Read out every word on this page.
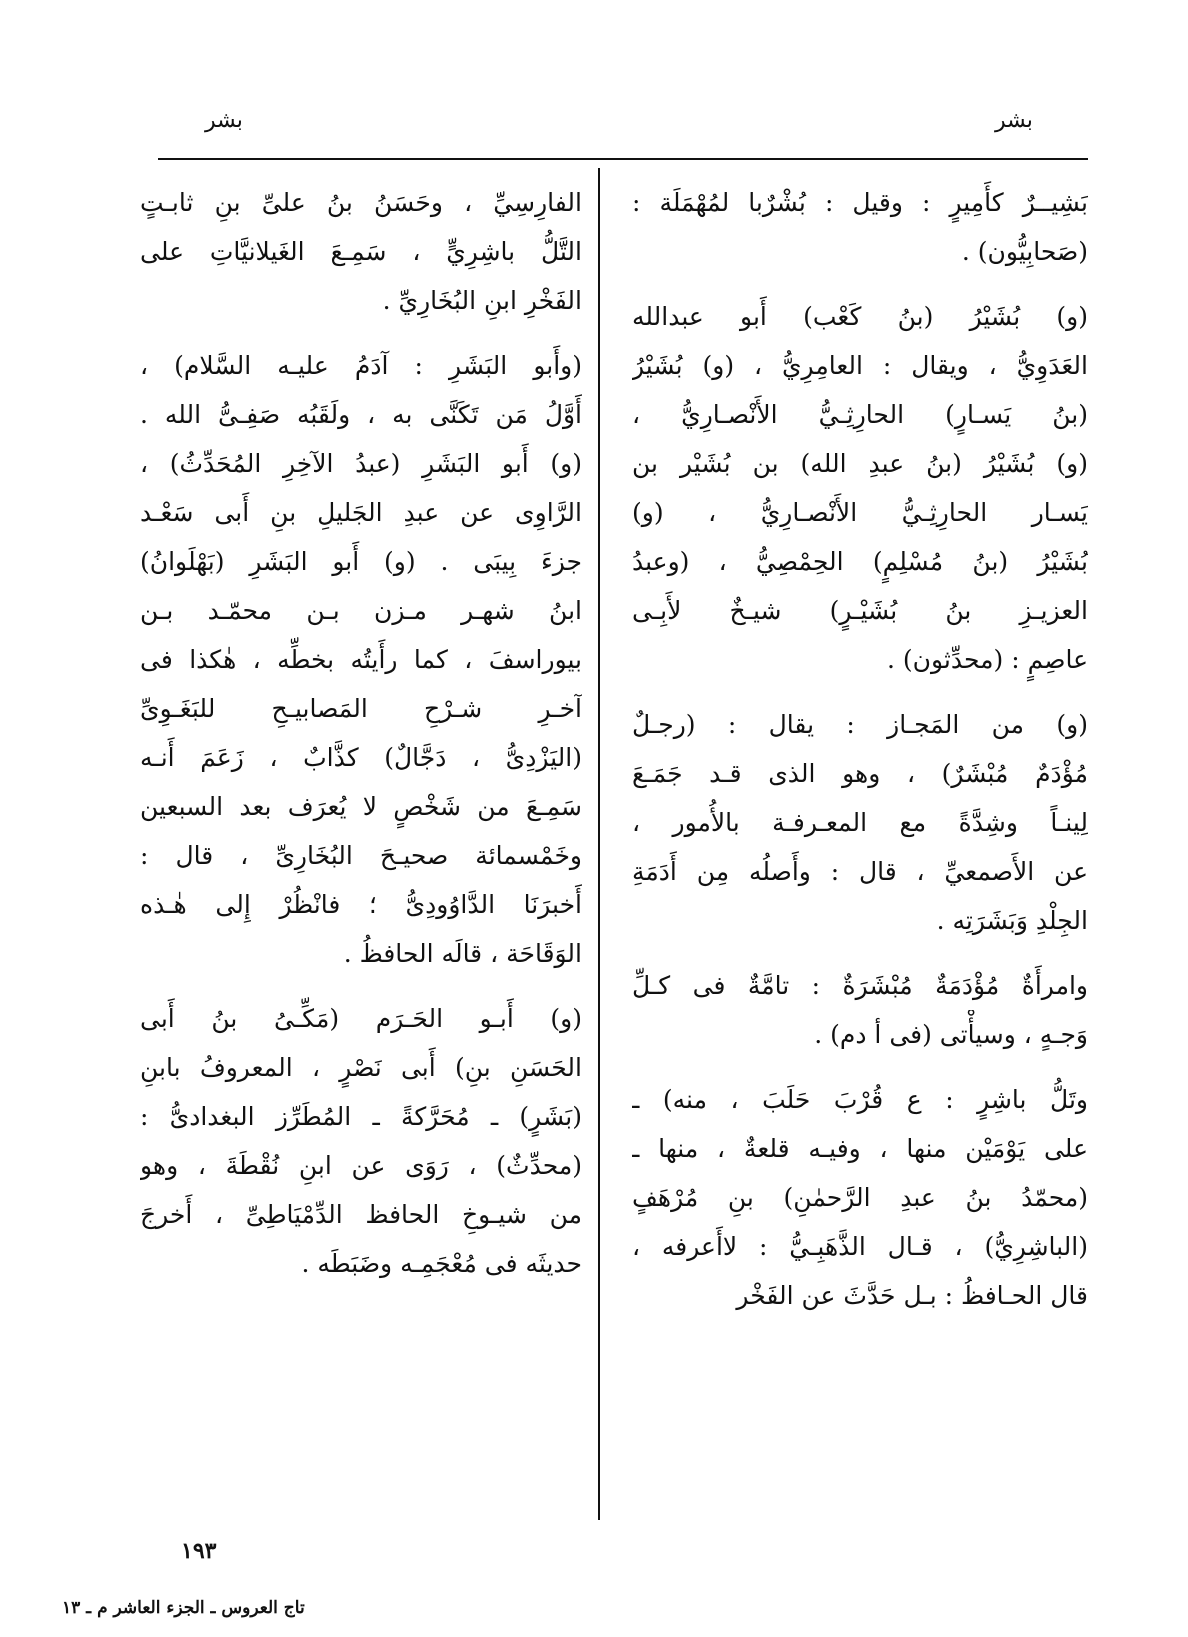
بشر
بشر
بَشِيــرٌ كأَمِيرٍ : وقيل : بُشْرٌبا لمُهْمَلَة :
(صَحابِيُّون) .
(و) بُشَيْرُ (بنُ كَعْب) أَبو عبدالله
العَدَوِيُّ ، ويقال : العامِرِيُّ ، (و) بُشَيْرُ
(بنُ يَسـارٍ) الحارِثِـيُّ الأَنْصـارِيُّ ،
(و) بُشَيْرُ (بنُ عبدِ الله) بن بُشَيْر بن
يَسـار الحارِثِـيُّ الأَنْصـارِيُّ ، (و)
بُشَيْرُ (بنُ مُسْلِمٍ) الحِمْصِيُّ ، (وعبدُ
العزيـزِ بنُ بُشَيْـرٍ) شيـخٌ لأَبِـى
عاصِمٍ : (محدِّثون) .
(و) من المَجـاز : يقال : (رجـلٌ
مُؤْدَمٌ مُبْشَرٌ) ، وهو الذى قـد جَمَـعَ
لِينـاً وشِدَّةً مع المعـرفـة بالأُمور ،
عن الأَصمعيِّ ، قال : وأَصلُه مِن أَدَمَةِ
الجِلْدِ وَبَشَرَتِه .
وامرأَةٌ مُؤْدَمَةٌ مُبْشَرَةٌ : تامَّةٌ فى كـلِّ
وَجـهٍ ، وسيأْتى (فى أ دم) .
وتَلُّ باشِرٍ : ع قُرْبَ حَلَبَ ، منه) ـ
على يَوْمَيْن منها ، وفيـه قلعةٌ ، منها ـ
(محمّدُ بنُ عبدِ الرَّحمٰنِ) بنِ مُرْهَفٍ
(الباشِرِيُّ) ، قـال الذَّهَبِـيُّ : لاأَعرفه ،
قال الحـافظُ : بـل حَدَّثَ عن الفَخْر
الفارِسِيِّ ، وحَسَنُ بنُ علىِّ بنِ ثابـتٍ
التَّلُّ باشِرِيٍّ ، سَمِـعَ الغَيلانيَّاتِ على
الفَخْرِ ابنِ البُخَارِيِّ .
(وأَبو البَشَرِ : آدَمُ عليـه السَّلام) ،
أَوَّلُ مَن تَكَنَّى به ، ولَقَبُه صَفِـىُّ الله .
(و) أَبو البَشَرِ (عبدُ الآخِرِ المُحَدِّثُ) ،
الرَّاوِى عن عبدِ الجَليلِ بنِ أَبى سَعْـد
جزءَ بِيبَى . (و) أَبو البَشَرِ (بَهْلَوانُ)
ابنُ شهـر مـزن بـن محمّـد بـن
بيوراسفَ ، كما رأَيتُه بخطِّه ، هٰكذا فى
آخـرِ شـرْحِ المَصابيـحِ للبَغَـوِىِّ
(اليَزْدِىُّ ، دَجَّالٌ) كذَّابٌ ، زَعَمَ أَنـه
سَمِـعَ من شَخْصٍ لا يُعرَف بعد السبعين
وخَمْسمائة صحيـحَ البُخَارِىِّ ، قال :
أَخبرَنَا الدَّاوُودِىُّ ؛ فانْظُرْ إِلى هٰـذه
الوَقَاحَة ، قالَه الحافظُ .
(و) أَبـو الحَـرَم (مَكِّـىُ بنُ أَبى
الحَسَنِ بنِ) أَبى نَصْرٍ ، المعروفُ بابنِ
(بَشَرٍ) ـ مُحَرَّكةً ـ المُطَرِّز البغدادىُّ :
(محدِّثٌ) ، رَوَى عن ابنِ نُقْطَةَ ، وهو
من شيـوخِ الحافظ الدِّمْيَاطِىِّ ، أَخرجَ
حديثَه فى مُعْجَمِـه وضَبَطَه .
١٩٣
تاج العروس ـ الجزء العاشر م ـ ١٣
